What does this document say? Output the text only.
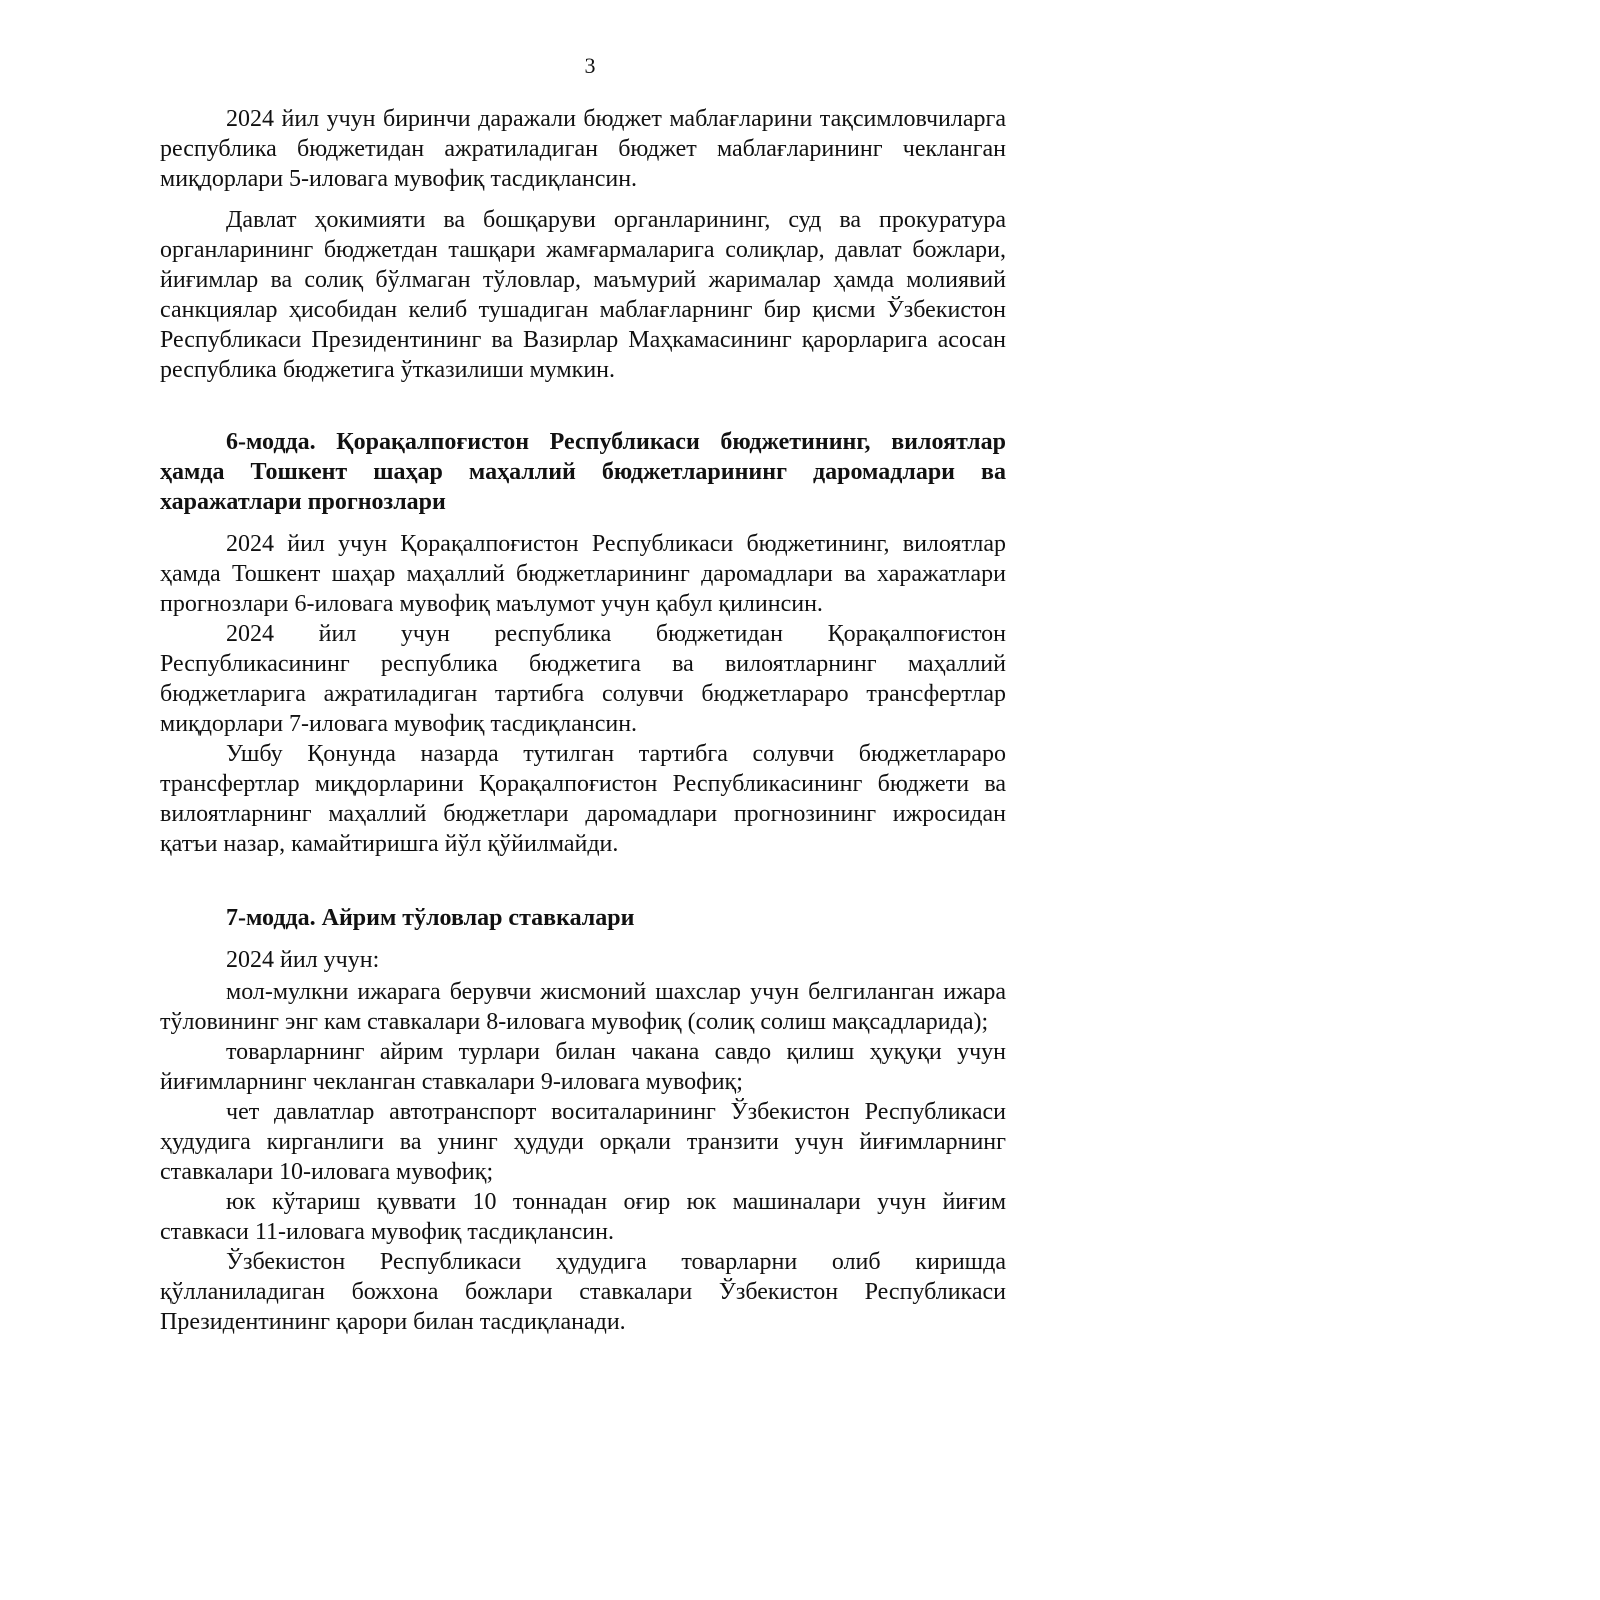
3

2024 йил учун биринчи даражали бюджет маблағларини тақсимловчиларга республика бюджетидан ажратиладиган бюджет маблағларининг чекланган миқдорлари 5-иловага мувофиқ тасдиқлансин.

Давлат ҳокимияти ва бошқаруви органларининг, суд ва прокуратура органларининг бюджетдан ташқари жамғармаларига солиқлар, давлат божлари, йиғимлар ва солиқ бўлмаган тўловлар, маъмурий жарималар ҳамда молиявий санкциялар ҳисобидан келиб тушадиган маблағларнинг бир қисми Ўзбекистон Республикаси Президентининг ва Вазирлар Маҳкамасининг қарорларига асосан республика бюджетига ўтказилиши мумкин.

6-модда. Қорақалпоғистон Республикаси бюджетининг, вилоятлар ҳамда Тошкент шаҳар маҳаллий бюджетларининг даромадлари ва харажатлари прогнозлари

2024 йил учун Қорақалпоғистон Республикаси бюджетининг, вилоятлар ҳамда Тошкент шаҳар маҳаллий бюджетларининг даромадлари ва харажатлари прогнозлари 6-иловага мувофиқ маълумот учун қабул қилинсин.

2024 йил учун республика бюджетидан Қорақалпоғистон Республикасининг республика бюджетига ва вилоятларнинг маҳаллий бюджетларига ажратиладиган тартибга солувчи бюджетлараро трансфертлар миқдорлари 7-иловага мувофиқ тасдиқлансин.

Ушбу Қонунда назарда тутилган тартибга солувчи бюджетлараро трансфертлар миқдорларини Қорақалпоғистон Республикасининг бюджети ва вилоятларнинг маҳаллий бюджетлари даромадлари прогнозининг ижросидан қатъи назар, камайтиришга йўл қўйилмайди.

7-модда. Айрим тўловлар ставкалари

2024 йил учун:

мол-мулкни ижарага берувчи жисмоний шахслар учун белгиланган ижара тўловининг энг кам ставкалари 8-иловага мувофиқ (солиқ солиш мақсадларида);

товарларнинг айрим турлари билан чакана савдо қилиш ҳуқуқи учун йиғимларнинг чекланган ставкалари 9-иловага мувофиқ;

чет давлатлар автотранспорт воситаларининг Ўзбекистон Республикаси ҳудудига кирганлиги ва унинг ҳудуди орқали транзити учун йиғимларнинг ставкалари 10-иловага мувофиқ;

юк кўтариш қуввати 10 тоннадан оғир юк машиналари учун йиғим ставкаси 11-иловага мувофиқ тасдиқлансин.

Ўзбекистон Республикаси ҳудудига товарларни олиб киришда қўлланиладиган божхона божлари ставкалари Ўзбекистон Республикаси Президентининг қарори билан тасдиқланади.
